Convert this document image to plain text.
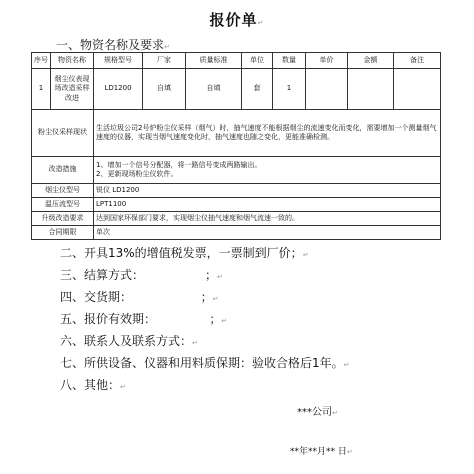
报价单↵
一、物资名称及要求↵
序号	物资名称	规格型号	厂家	质量标准	单位	数量	单价	金额	备注
1	烟尘仪表现场改造采样改进	LD1200	自填	自填	套	1			
粉尘仪采样现状		生活垃圾公司2号炉粉尘仪采样（烟气）时，抽气速度不能根据烟尘的流速变化而变化，需要增加一个测量烟气速度的仪器，实现当烟气速度变化时，抽气速度也随之变化，更能准确检测。							
改造措施		1、增加一个信号分配器，将一路信号变成两路输出。
2、更新现场粉尘仪软件。							
烟尘仪型号		锐仪 LD1200							
温压流型号		LPT1100							
升级改造要求		达到国家环保部门要求，实现烟尘仪抽气速度和烟气流速一致的。							
合同期限		单次							
二、开具13%的增值税发票，一票制到厂价；↵
三、结算方式：                ；↵
四、交货期：                  ；↵
五、报价有效期：              ；↵
六、联系人及联系方式：↵
七、所供设备、仪器和用料质保期：验收合格后1年。↵
八、其他：↵
***公司↵
**年**月** 日↵
